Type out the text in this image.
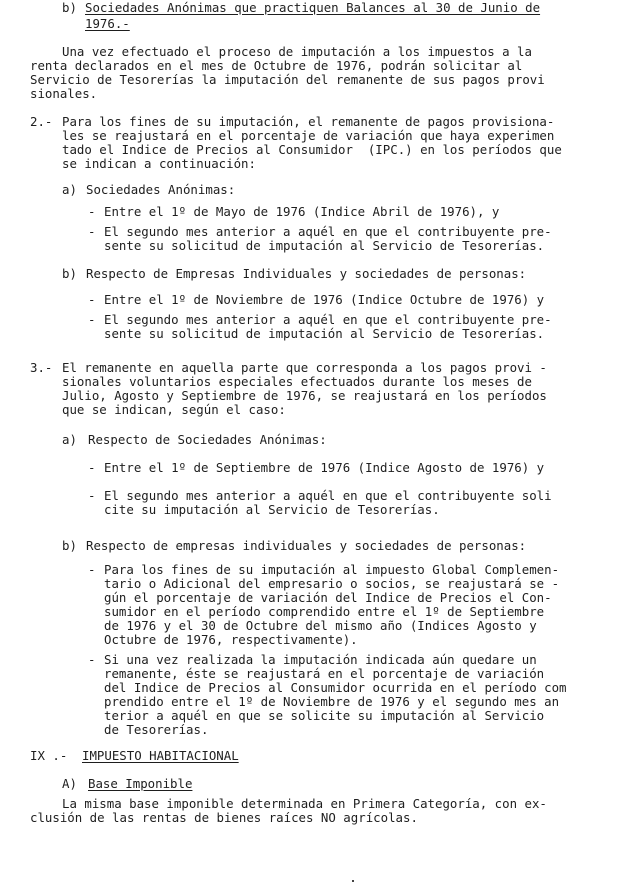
b) Sociedades Anónimas que practiquen Balances al 30 de Junio de
1976.-
Una vez efectuado el proceso de imputación a los impuestos a la
renta declarados en el mes de Octubre de 1976, podrán solicitar al
Servicio de Tesorerías la imputación del remanente de sus pagos provi
sionales.
2.- Para los fines de su imputación, el remanente de pagos provisiona-
les se reajustará en el porcentaje de variación que haya experimen
tado el Indice de Precios al Consumidor  (IPC.) en los períodos que
se indican a continuación:
a) Sociedades Anónimas:
- Entre el 1º de Mayo de 1976 (Indice Abril de 1976), y
- El segundo mes anterior a aquél en que el contribuyente pre-
sente su solicitud de imputación al Servicio de Tesorerías.
b) Respecto de Empresas Individuales y sociedades de personas:
- Entre el 1º de Noviembre de 1976 (Indice Octubre de 1976) y
- El segundo mes anterior a aquél en que el contribuyente pre-
sente su solicitud de imputación al Servicio de Tesorerías.
3.- El remanente en aquella parte que corresponda a los pagos provi -
sionales voluntarios especiales efectuados durante los meses de
Julio, Agosto y Septiembre de 1976, se reajustará en los períodos
que se indican, según el caso:
a) Respecto de Sociedades Anónimas:
- Entre el 1º de Septiembre de 1976 (Indice Agosto de 1976) y
- El segundo mes anterior a aquél en que el contribuyente soli
cite su imputación al Servicio de Tesorerías.
b) Respecto de empresas individuales y sociedades de personas:
- Para los fines de su imputación al impuesto Global Complemen-
tario o Adicional del empresario o socios, se reajustará se -
gún el porcentaje de variación del Indice de Precios el Con-
sumidor en el período comprendido entre el 1º de Septiembre
de 1976 y el 30 de Octubre del mismo año (Indices Agosto y
Octubre de 1976, respectivamente).
- Si una vez realizada la imputación indicada aún quedare un
remanente, éste se reajustará en el porcentaje de variación
del Indice de Precios al Consumidor ocurrida en el período com
prendido entre el 1º de Noviembre de 1976 y el segundo mes an
terior a aquél en que se solicite su imputación al Servicio
de Tesorerías.
IX .- IMPUESTO HABITACIONAL
A) Base Imponible
La misma base imponible determinada en Primera Categoría, con ex-
clusión de las rentas de bienes raíces NO agrícolas.
